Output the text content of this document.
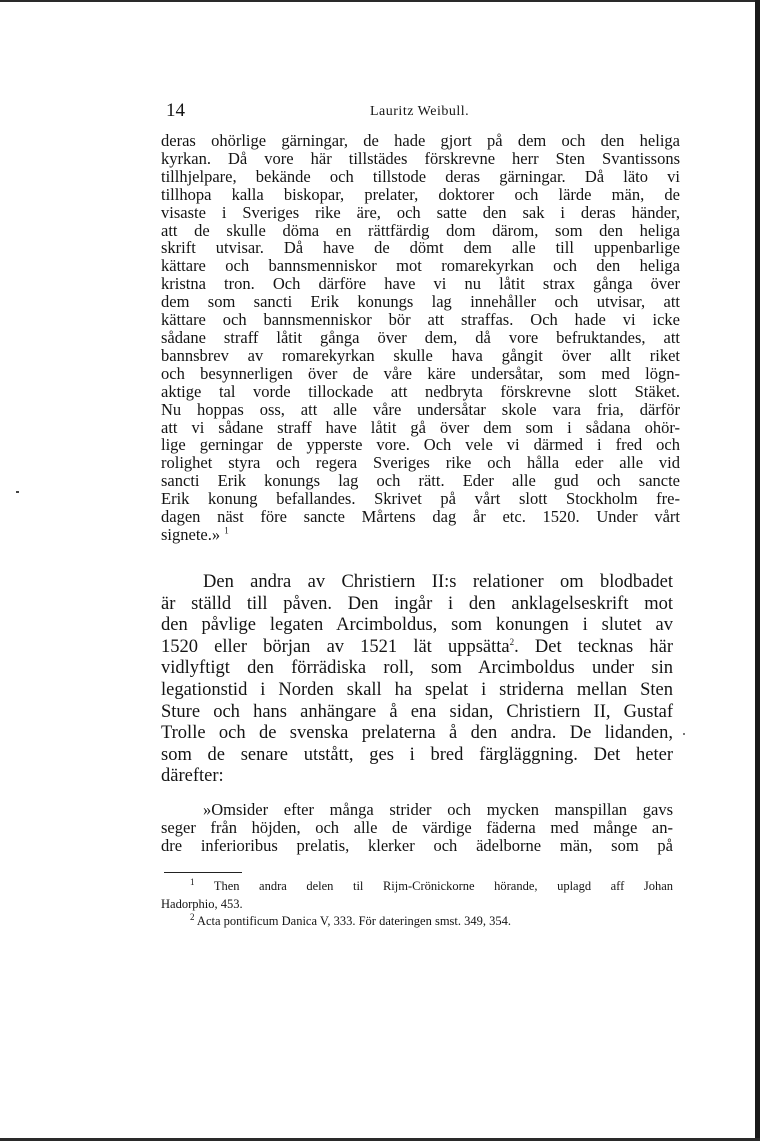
14	Lauritz Weibull.
deras ohörlige gärningar, de hade gjort på dem och den heliga
kyrkan. Då vore här tillstädes förskrevne herr Sten Svantissons
tillhjelpare, bekände och tillstode deras gärningar. Då läto vi
tillhopa kalla biskopar, prelater, doktorer och lärde män, de
visaste i Sveriges rike äre, och satte den sak i deras händer,
att de skulle döma en rättfärdig dom därom, som den heliga
skrift utvisar. Då have de dömt dem alle till uppenbarlige
kättare och bannsmenniskor mot romarekyrkan och den heliga
kristna tron. Och därföre have vi nu låtit strax gånga över
dem som sancti Erik konungs lag innehåller och utvisar, att
kättare och bannsmenniskor bör att straffas. Och hade vi icke
sådane straff låtit gånga över dem, då vore befruktandes, att
bannsbrev av romarekyrkan skulle hava gångit över allt riket
och besynnerligen över de våre käre undersåtar, som med lögn-
aktige tal vorde tillockade att nedbryta förskrevne slott Stäket.
Nu hoppas oss, att alle våre undersåtar skole vara fria, därför
att vi sådane straff have låtit gå över dem som i sådana ohör-
lige gerningar de ypperste vore. Och vele vi därmed i fred och
rolighet styra och regera Sveriges rike och hålla eder alle vid
sancti Erik konungs lag och rätt. Eder alle gud och sancte
Erik konung befallandes. Skrivet på vårt slott Stockholm fre-
dagen näst före sancte Mårtens dag år etc. 1520. Under vårt
signete.» $^1$
Den andra av Christiern II:s relationer om blodbadet
är ställd till påven. Den ingår i den anklagelseskrift mot
den påvlige legaten Arcimboldus, som konungen i slutet av
1520 eller början av 1521 lät uppsätta$^2$. Det tecknas här
vidlyftigt den förrädiska roll, som Arcimboldus under sin
legationstid i Norden skall ha spelat i striderna mellan Sten
Sture och hans anhängare å ena sidan, Christiern II, Gustaf
Trolle och de svenska prelaterna å den andra. De lidanden,
som de senare utstått, ges i bred färgläggning. Det heter
därefter:
»Omsider efter många strider och mycken manspillan gavs
seger från höjden, och alle de värdige fäderna med månge an-
dre inferioribus prelatis, klerker och ädelborne män, som på
$^1$ Then andra delen til Rijm-Crönickorne hörande, uplagd aff Johan
Hadorphio, 453.
$^2$ Acta pontificum Danica V, 333. För dateringen smst. 349, 354.
